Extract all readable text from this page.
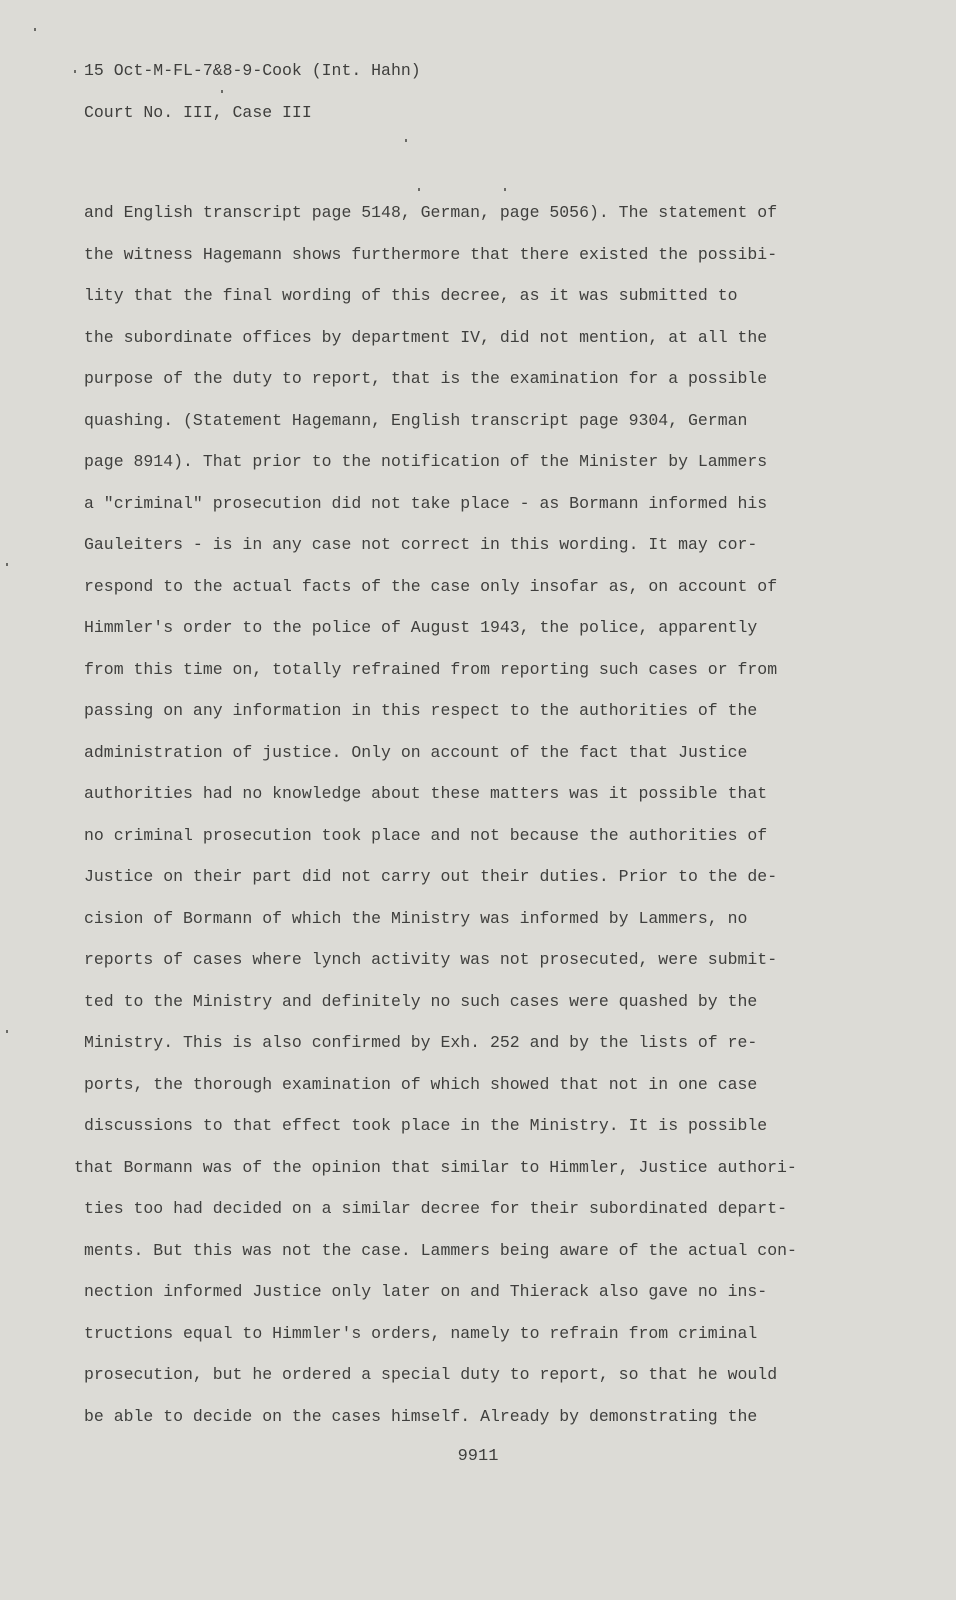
15 Oct-M-FL-7&8-9-Cook (Int. Hahn)
Court No. III, Case III
and English transcript page 5148, German, page 5056). The statement of
the witness Hagemann shows furthermore that there existed the possibi-
lity that the final wording of this decree, as it was submitted to
the subordinate offices by department IV, did not mention, at all the
purpose of the duty to report, that is the examination for a possible
quashing. (Statement Hagemann, English transcript page 9304, German
page 8914). That prior to the notification of the Minister by Lammers
a "criminal" prosecution did not take place - as Bormann informed his
Gauleiters - is in any case not correct in this wording. It may cor-
respond to the actual facts of the case only insofar as, on account of
Himmler's order to the police of August 1943, the police, apparently
from this time on, totally refrained from reporting such cases or from
passing on any information in this respect to the authorities of the
administration of justice. Only on account of the fact that Justice
authorities had no knowledge about these matters was it possible that
no criminal prosecution took place and not because the authorities of
Justice on their part did not carry out their duties. Prior to the de-
cision of Bormann of which the Ministry was informed by Lammers, no
reports of cases where lynch activity was not prosecuted, were submit-
ted to the Ministry and definitely no such cases were quashed by the
Ministry. This is also confirmed by Exh. 252 and by the lists of re-
ports, the thorough examination of which showed that not in one case
discussions to that effect took place in the Ministry. It is possible
that Bormann was of the opinion that similar to Himmler, Justice authori-
ties too had decided on a similar decree for their subordinated depart-
ments. But this was not the case. Lammers being aware of the actual con-
nection informed Justice only later on and Thierack also gave no ins-
tructions equal to Himmler's orders, namely to refrain from criminal
prosecution, but he ordered a special duty to report, so that he would
be able to decide on the cases himself. Already by demonstrating the
9911
